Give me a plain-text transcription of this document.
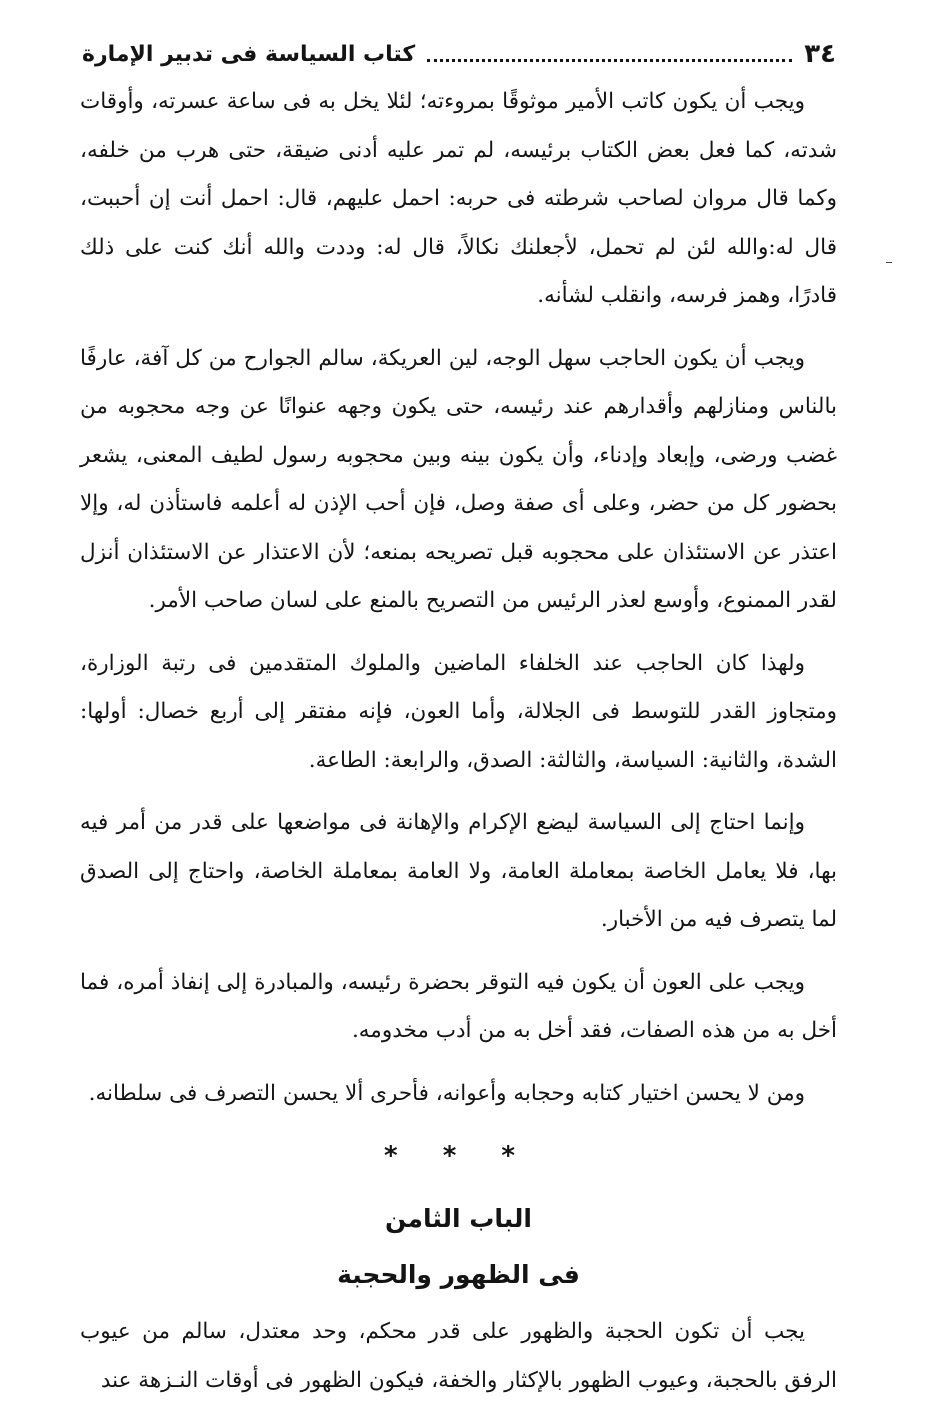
٣٤
كتاب السياسة فى تدبير الإمارة

ويجب أن يكون كاتب الأمير موثوقًا بمروءته؛ لئلا يخل به فى ساعة عسرته، وأوقات شدته، كما فعل بعض الكتاب برئيسه، لم تمر عليه أدنى ضيقة، حتى هرب من خلفه، وكما قال مروان لصاحب شرطته فى حربه: احمل عليهم، قال: احمل أنت إن أحببت، قال له:والله لئن لم تحمل، لأجعلنك نكالاً، قال له: وددت والله أنك كنت على ذلك قادرًا، وهمز فرسه، وانقلب لشأنه.

ويجب أن يكون الحاجب سهل الوجه، لين العريكة، سالم الجوارح من كل آفة، عارفًا بالناس ومنازلهم وأقدارهم عند رئيسه، حتى يكون وجهه عنوانًا عن وجه محجوبه من غضب ورضى، وإبعاد وإدناء، وأن يكون بينه وبين محجوبه رسول لطيف المعنى، يشعر بحضور كل من حضر، وعلى أى صفة وصل، فإن أحب الإذن له أعلمه فاستأذن له، وإلا اعتذر عن الاستئذان على محجوبه قبل تصريحه بمنعه؛ لأن الاعتذار عن الاستئذان أنزل لقدر الممنوع، وأوسع لعذر الرئيس من التصريح بالمنع على لسان صاحب الأمر.

ولهذا كان الحاجب عند الخلفاء الماضين والملوك المتقدمين فى رتبة الوزارة، ومتجاوز القدر للتوسط فى الجلالة، وأما العون، فإنه مفتقر إلى أربع خصال: أولها: الشدة، والثانية: السياسة، والثالثة: الصدق، والرابعة: الطاعة.

وإنما احتاج إلى السياسة ليضع الإكرام والإهانة فى مواضعها على قدر من أمر فيه بها، فلا يعامل الخاصة بمعاملة العامة، ولا العامة بمعاملة الخاصة، واحتاج إلى الصدق لما يتصرف فيه من الأخبار.

ويجب على العون أن يكون فيه التوقر بحضرة رئيسه، والمبادرة إلى إنفاذ أمره، فما أخل به من هذه الصفات، فقد أخل به من أدب مخدومه.

ومن لا يحسن اختيار كتابه وحجابه وأعوانه، فأحرى ألا يحسن التصرف فى سلطانه.

* * *
الباب الثامن
فى الظهور والحجبة

يجب أن تكون الحجبة والظهور على قدر محكم، وحد معتدل، سالم من عيوب الرفق بالحجبة، وعيوب الظهور بالإكثار والخفة، فيكون الظهور فى أوقات النـزهة عند
